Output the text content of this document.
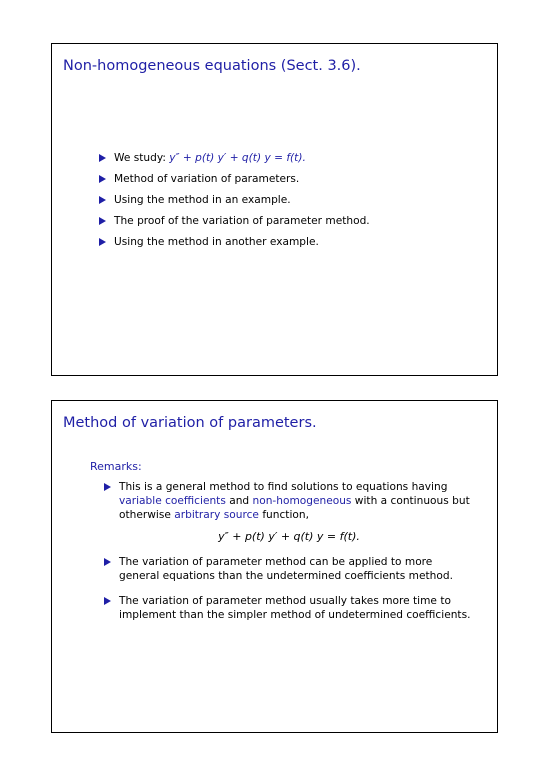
Non-homogeneous equations (Sect. 3.6).
We study: y″ + p(t) y′ + q(t) y = f(t).
Method of variation of parameters.
Using the method in an example.
The proof of the variation of parameter method.
Using the method in another example.
Method of variation of parameters.
Remarks:
This is a general method to find solutions to equations having variable coefficients and non-homogeneous with a continuous but otherwise arbitrary source function,
y″ + p(t) y′ + q(t) y = f(t).
The variation of parameter method can be applied to more general equations than the undetermined coefficients method.
The variation of parameter method usually takes more time to implement than the simpler method of undetermined coefficients.
